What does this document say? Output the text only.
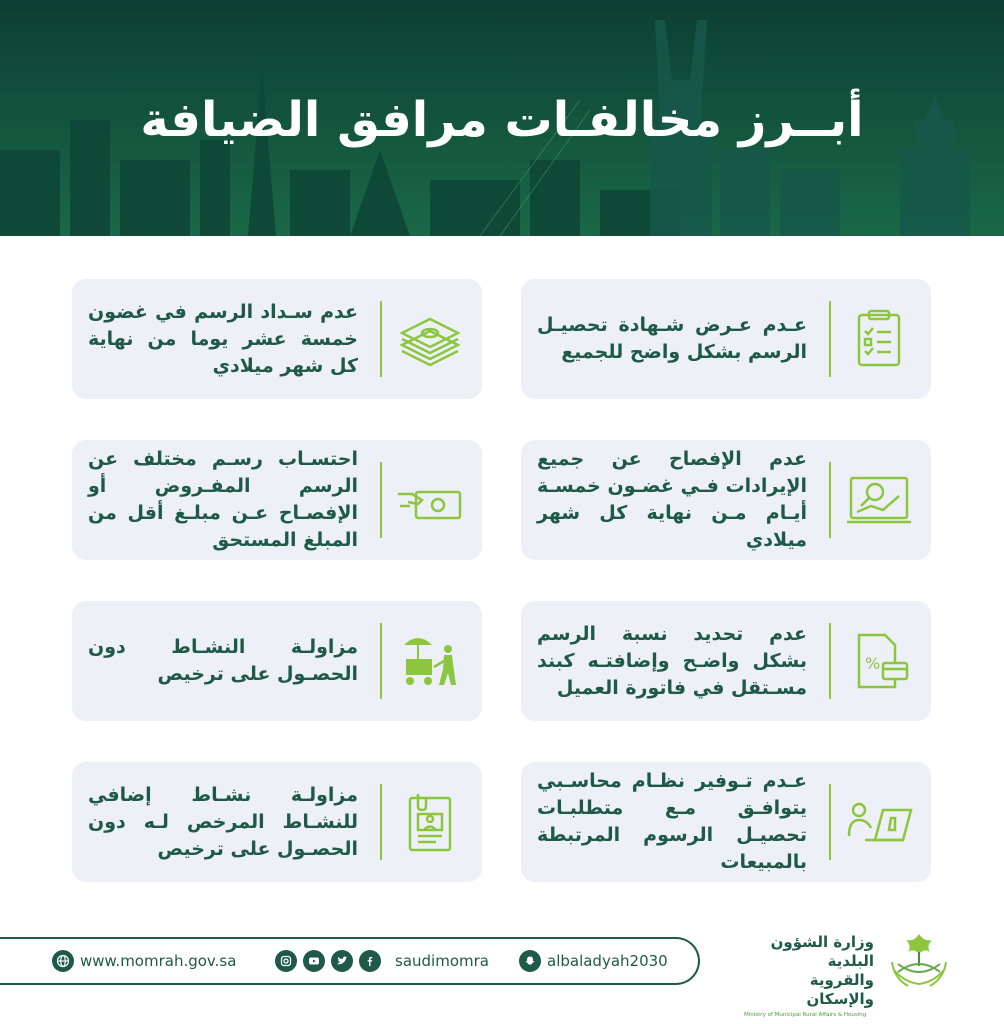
أبــرز مخالفـات مرافق الضيافة
عـدم عـرض شـهادة تحصيـل الرسم بشكل واضح للجميع
عدم سـداد الرسم في غضون خمسة عشر يوما من نهاية كل شهر ميلادي
عدم الإفصاح عن جميع الإيرادات فـي غضـون خمسـة أيـام مـن نهاية كل شهر ميلادي
احتسـاب رسـم مختلف عن الرسم المفـروض أو الإفصـاح عـن مبلـغ أقل من المبلغ المستحق
عدم تحديد نسبة الرسم بشكل واضـح وإضافتـه كبند مسـتقل في فاتورة العميل
%
مزاولـة النشـاط دون الحصـول على ترخيص
عـدم تـوفير نظـام محاسـبي يتوافـق مـع متطلبـات تحصيـل الرسوم المرتبطة بالمبيعات
مزاولـة نشـاط إضافي للنشـاط المرخص لـه دون الحصـول على ترخيص
www.momrah.gov.sa	saudimomra	albaladyah2030
وزارة الشؤون البلدية
والقروية والإسكان
Ministry of Municipal Rural Affairs & Housing
